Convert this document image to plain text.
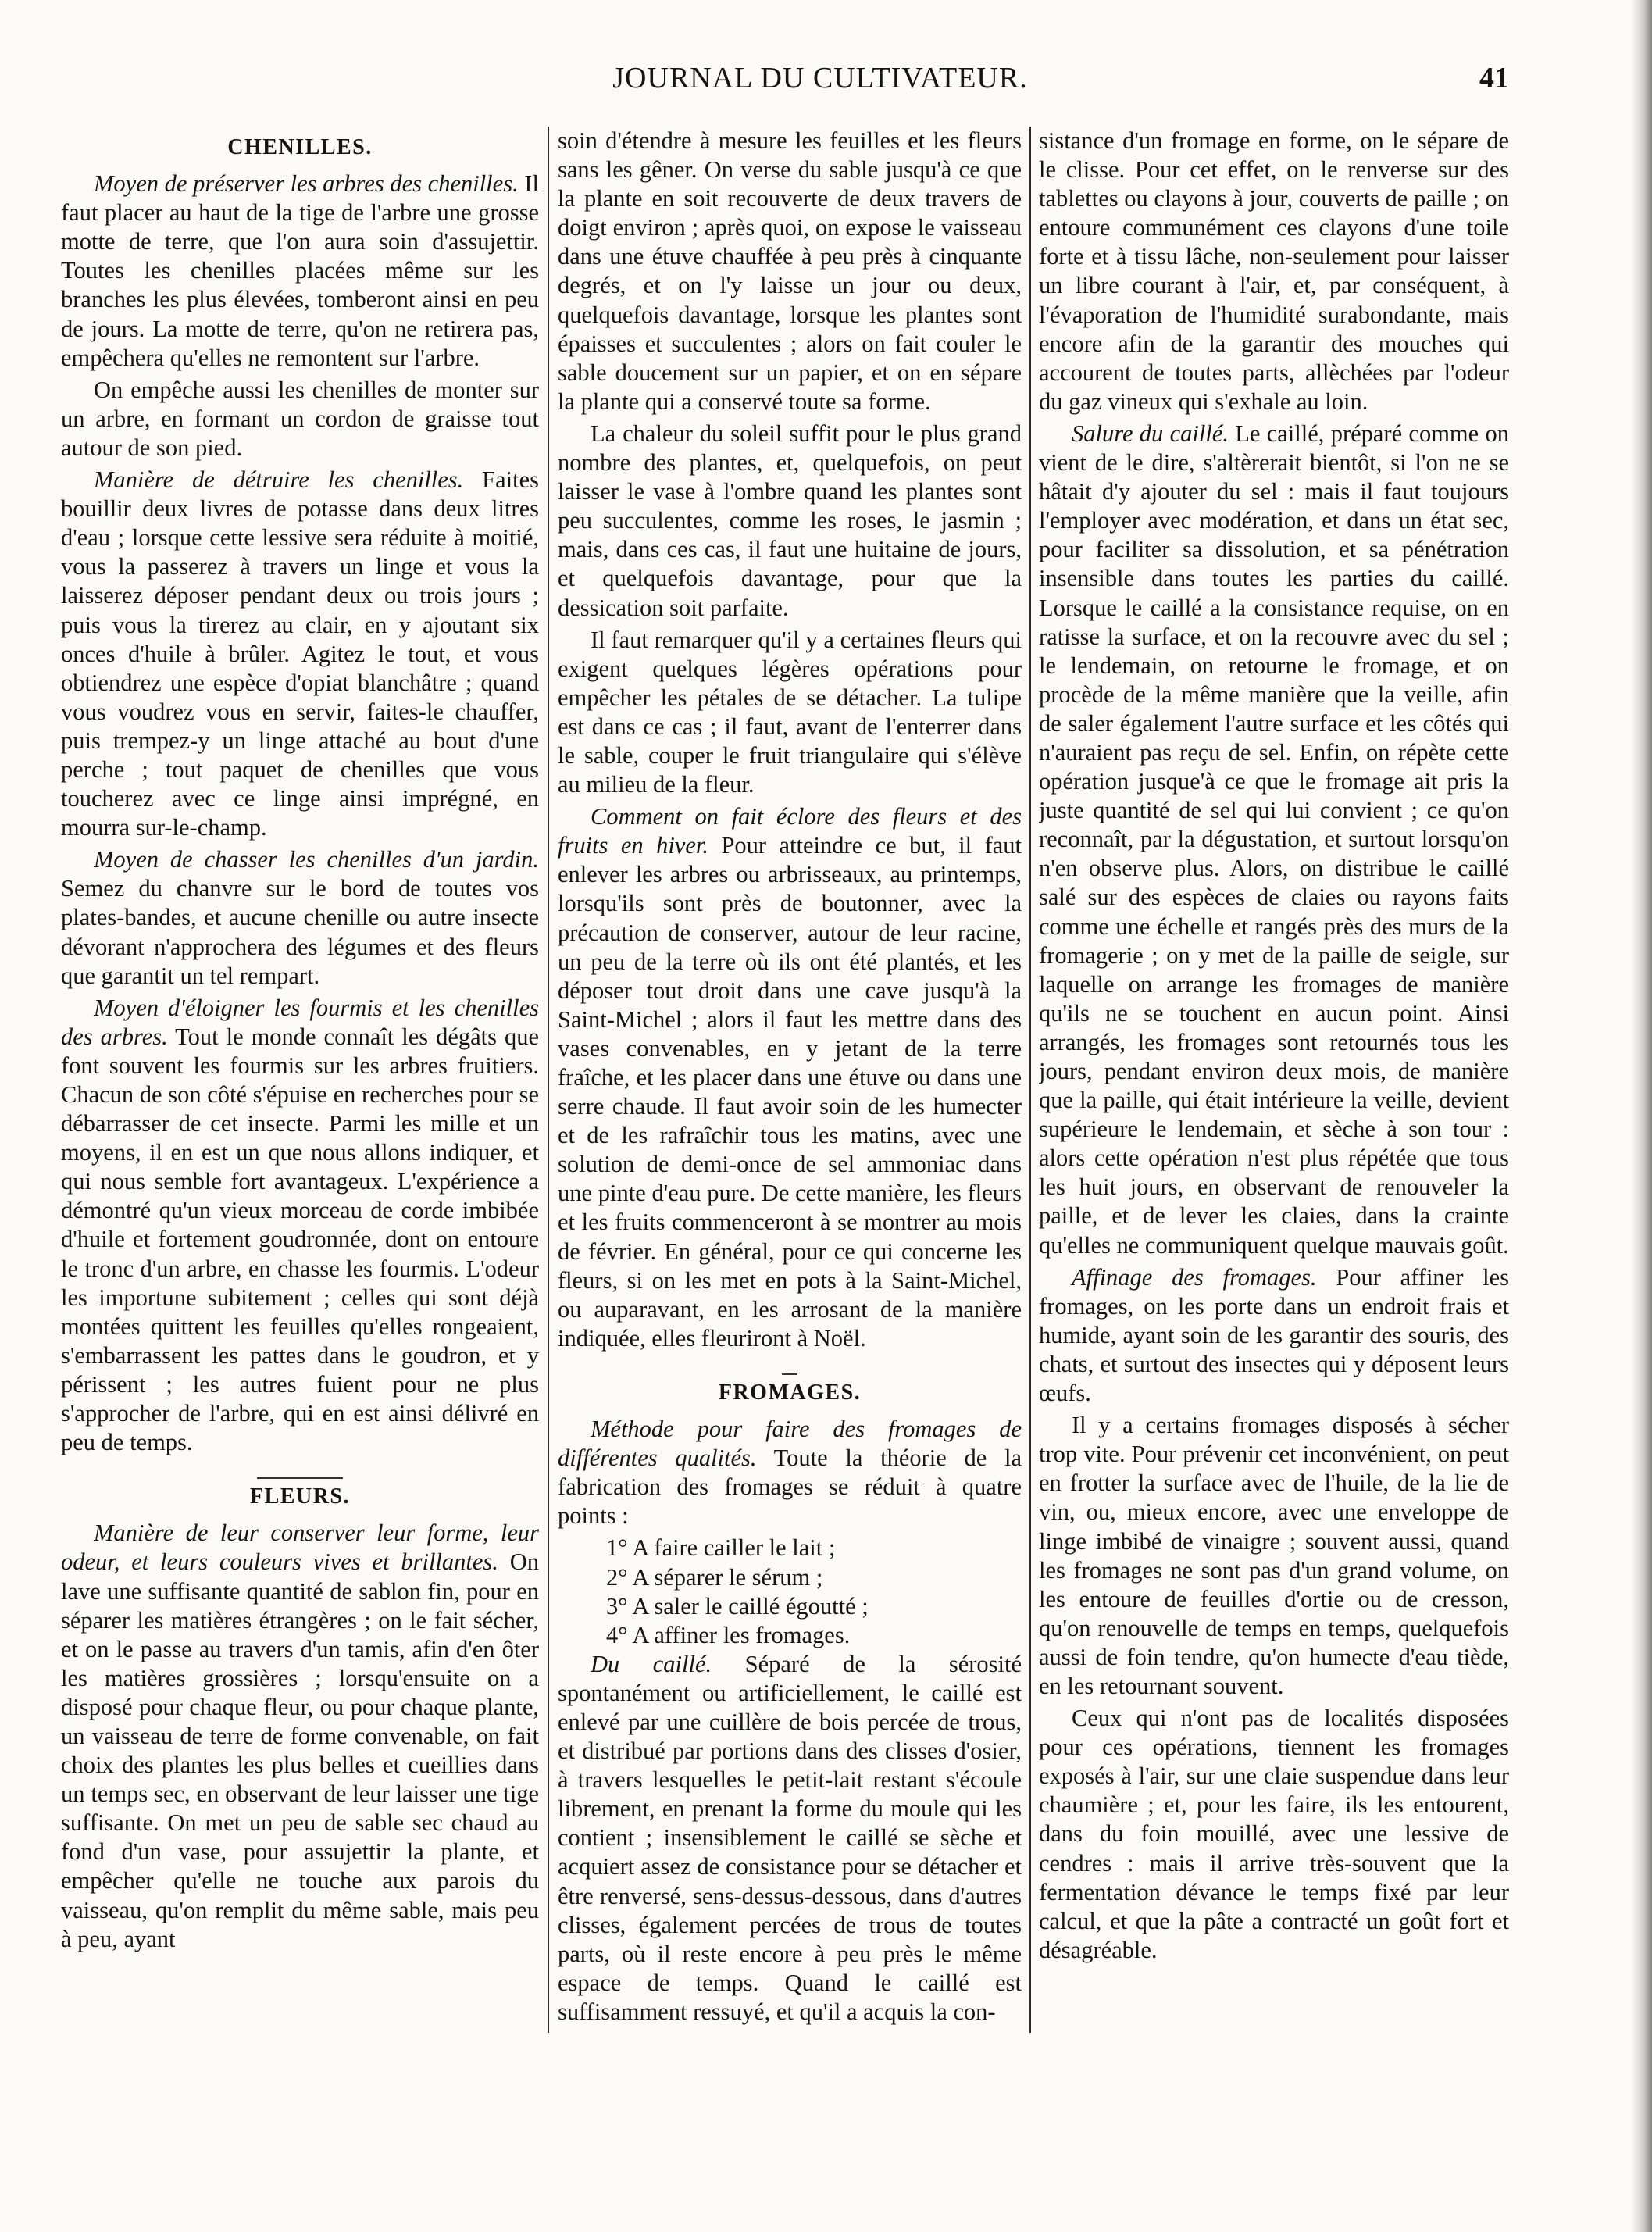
JOURNAL DU CULTIVATEUR.	41
CHENILLES.

Moyen de préserver les arbres des chenilles. Il faut placer au haut de la tige de l'arbre une grosse motte de terre, que l'on aura soin d'assujettir. Toutes les chenilles placées même sur les branches les plus élevées, tomberont ainsi en peu de jours. La motte de terre, qu'on ne retirera pas, empêchera qu'elles ne remontent sur l'arbre.

On empêche aussi les chenilles de monter sur un arbre, en formant un cordon de graisse tout autour de son pied.

Manière de détruire les chenilles. Faites bouillir deux livres de potasse dans deux litres d'eau ; lorsque cette lessive sera réduite à moitié, vous la passerez à travers un linge et vous la laisserez déposer pendant deux ou trois jours ; puis vous la tirerez au clair, en y ajoutant six onces d'huile à brûler. Agitez le tout, et vous obtiendrez une espèce d'opiat blanchâtre ; quand vous voudrez vous en servir, faites-le chauffer, puis trempez-y un linge attaché au bout d'une perche ; tout paquet de chenilles que vous toucherez avec ce linge ainsi imprégné, en mourra sur-le-champ.

Moyen de chasser les chenilles d'un jardin. Semez du chanvre sur le bord de toutes vos plates-bandes, et aucune chenille ou autre insecte dévorant n'approchera des légumes et des fleurs que garantit un tel rempart.

Moyen d'éloigner les fourmis et les chenilles des arbres. Tout le monde connaît les dégâts que font souvent les fourmis sur les arbres fruitiers. Chacun de son côté s'épuise en recherches pour se débarrasser de cet insecte. Parmi les mille et un moyens, il en est un que nous allons indiquer, et qui nous semble fort avantageux. L'expérience a démontré qu'un vieux morceau de corde imbibée d'huile et fortement goudronnée, dont on entoure le tronc d'un arbre, en chasse les fourmis. L'odeur les importune subitement ; celles qui sont déjà montées quittent les feuilles qu'elles rongeaient, s'embarrassent les pattes dans le goudron, et y périssent ; les autres fuient pour ne plus s'approcher de l'arbre, qui en est ainsi délivré en peu de temps.

FLEURS.

Manière de leur conserver leur forme, leur odeur, et leurs couleurs vives et brillantes. On lave une suffisante quantité de sablon fin, pour en séparer les matières étrangères ; on le fait sécher, et on le passe au travers d'un tamis, afin d'en ôter les matières grossières ; lorsqu'ensuite on a disposé pour chaque fleur, ou pour chaque plante, un vaisseau de terre de forme convenable, on fait choix des plantes les plus belles et cueillies dans un temps sec, en observant de leur laisser une tige suffisante. On met un peu de sable sec chaud au fond d'un vase, pour assujettir la plante, et empêcher qu'elle ne touche aux parois du vaisseau, qu'on remplit du même sable, mais peu à peu, ayant

soin d'étendre à mesure les feuilles et les fleurs sans les gêner. On verse du sable jusqu'à ce que la plante en soit recouverte de deux travers de doigt environ ; après quoi, on expose le vaisseau dans une étuve chauffée à peu près à cinquante degrés, et on l'y laisse un jour ou deux, quelquefois davantage, lorsque les plantes sont épaisses et succulentes ; alors on fait couler le sable doucement sur un papier, et on en sépare la plante qui a conservé toute sa forme.

La chaleur du soleil suffit pour le plus grand nombre des plantes, et, quelquefois, on peut laisser le vase à l'ombre quand les plantes sont peu succulentes, comme les roses, le jasmin ; mais, dans ces cas, il faut une huitaine de jours, et quelquefois davantage, pour que la dessication soit parfaite.

Il faut remarquer qu'il y a certaines fleurs qui exigent quelques légères opérations pour empêcher les pétales de se détacher. La tulipe est dans ce cas ; il faut, avant de l'enterrer dans le sable, couper le fruit triangulaire qui s'élève au milieu de la fleur.

Comment on fait éclore des fleurs et des fruits en hiver. Pour atteindre ce but, il faut enlever les arbres ou arbrisseaux, au printemps, lorsqu'ils sont près de boutonner, avec la précaution de conserver, autour de leur racine, un peu de la terre où ils ont été plantés, et les déposer tout droit dans une cave jusqu'à la Saint-Michel ; alors il faut les mettre dans des vases convenables, en y jetant de la terre fraîche, et les placer dans une étuve ou dans une serre chaude. Il faut avoir soin de les humecter et de les rafraîchir tous les matins, avec une solution de demi-once de sel ammoniac dans une pinte d'eau pure. De cette manière, les fleurs et les fruits commenceront à se montrer au mois de février. En général, pour ce qui concerne les fleurs, si on les met en pots à la Saint-Michel, ou auparavant, en les arrosant de la manière indiquée, elles fleuriront à Noël.

FROMAGES.

Méthode pour faire des fromages de différentes qualités. Toute la théorie de la fabrication des fromages se réduit à quatre points :

1° A faire cailler le lait ;

2° A séparer le sérum ;

3° A saler le caillé égoutté ;

4° A affiner les fromages.

Du caillé. Séparé de la sérosité spontanément ou artificiellement, le caillé est enlevé par une cuillère de bois percée de trous, et distribué par portions dans des clisses d'osier, à travers lesquelles le petit-lait restant s'écoule librement, en prenant la forme du moule qui les contient ; insensiblement le caillé se sèche et acquiert assez de consistance pour se détacher et être renversé, sens-dessus-dessous, dans d'autres clisses, également percées de trous de toutes parts, où il reste encore à peu près le même espace de temps. Quand le caillé est suffisamment ressuyé, et qu'il a acquis la con-

sistance d'un fromage en forme, on le sépare de le clisse. Pour cet effet, on le renverse sur des tablettes ou clayons à jour, couverts de paille ; on entoure communément ces clayons d'une toile forte et à tissu lâche, non-seulement pour laisser un libre courant à l'air, et, par conséquent, à l'évaporation de l'humidité surabondante, mais encore afin de la garantir des mouches qui accourent de toutes parts, allèchées par l'odeur du gaz vineux qui s'exhale au loin.

Salure du caillé. Le caillé, préparé comme on vient de le dire, s'altèrerait bientôt, si l'on ne se hâtait d'y ajouter du sel : mais il faut toujours l'employer avec modération, et dans un état sec, pour faciliter sa dissolution, et sa pénétration insensible dans toutes les parties du caillé. Lorsque le caillé a la consistance requise, on en ratisse la surface, et on la recouvre avec du sel ; le lendemain, on retourne le fromage, et on procède de la même manière que la veille, afin de saler également l'autre surface et les côtés qui n'auraient pas reçu de sel. Enfin, on répète cette opération jusque'à ce que le fromage ait pris la juste quantité de sel qui lui convient ; ce qu'on reconnaît, par la dégustation, et surtout lorsqu'on n'en observe plus. Alors, on distribue le caillé salé sur des espèces de claies ou rayons faits comme une échelle et rangés près des murs de la fromagerie ; on y met de la paille de seigle, sur laquelle on arrange les fromages de manière qu'ils ne se touchent en aucun point. Ainsi arrangés, les fromages sont retournés tous les jours, pendant environ deux mois, de manière que la paille, qui était intérieure la veille, devient supérieure le lendemain, et sèche à son tour : alors cette opération n'est plus répétée que tous les huit jours, en observant de renouveler la paille, et de lever les claies, dans la crainte qu'elles ne communiquent quelque mauvais goût.

Affinage des fromages. Pour affiner les fromages, on les porte dans un endroit frais et humide, ayant soin de les garantir des souris, des chats, et surtout des insectes qui y déposent leurs œufs.

Il y a certains fromages disposés à sécher trop vite. Pour prévenir cet inconvénient, on peut en frotter la surface avec de l'huile, de la lie de vin, ou, mieux encore, avec une enveloppe de linge imbibé de vinaigre ; souvent aussi, quand les fromages ne sont pas d'un grand volume, on les entoure de feuilles d'ortie ou de cresson, qu'on renouvelle de temps en temps, quelquefois aussi de foin tendre, qu'on humecte d'eau tiède, en les retournant souvent.

Ceux qui n'ont pas de localités disposées pour ces opérations, tiennent les fromages exposés à l'air, sur une claie suspendue dans leur chaumière ; et, pour les faire, ils les entourent, dans du foin mouillé, avec une lessive de cendres : mais il arrive très-souvent que la fermentation dévance le temps fixé par leur calcul, et que la pâte a contracté un goût fort et désagréable.
